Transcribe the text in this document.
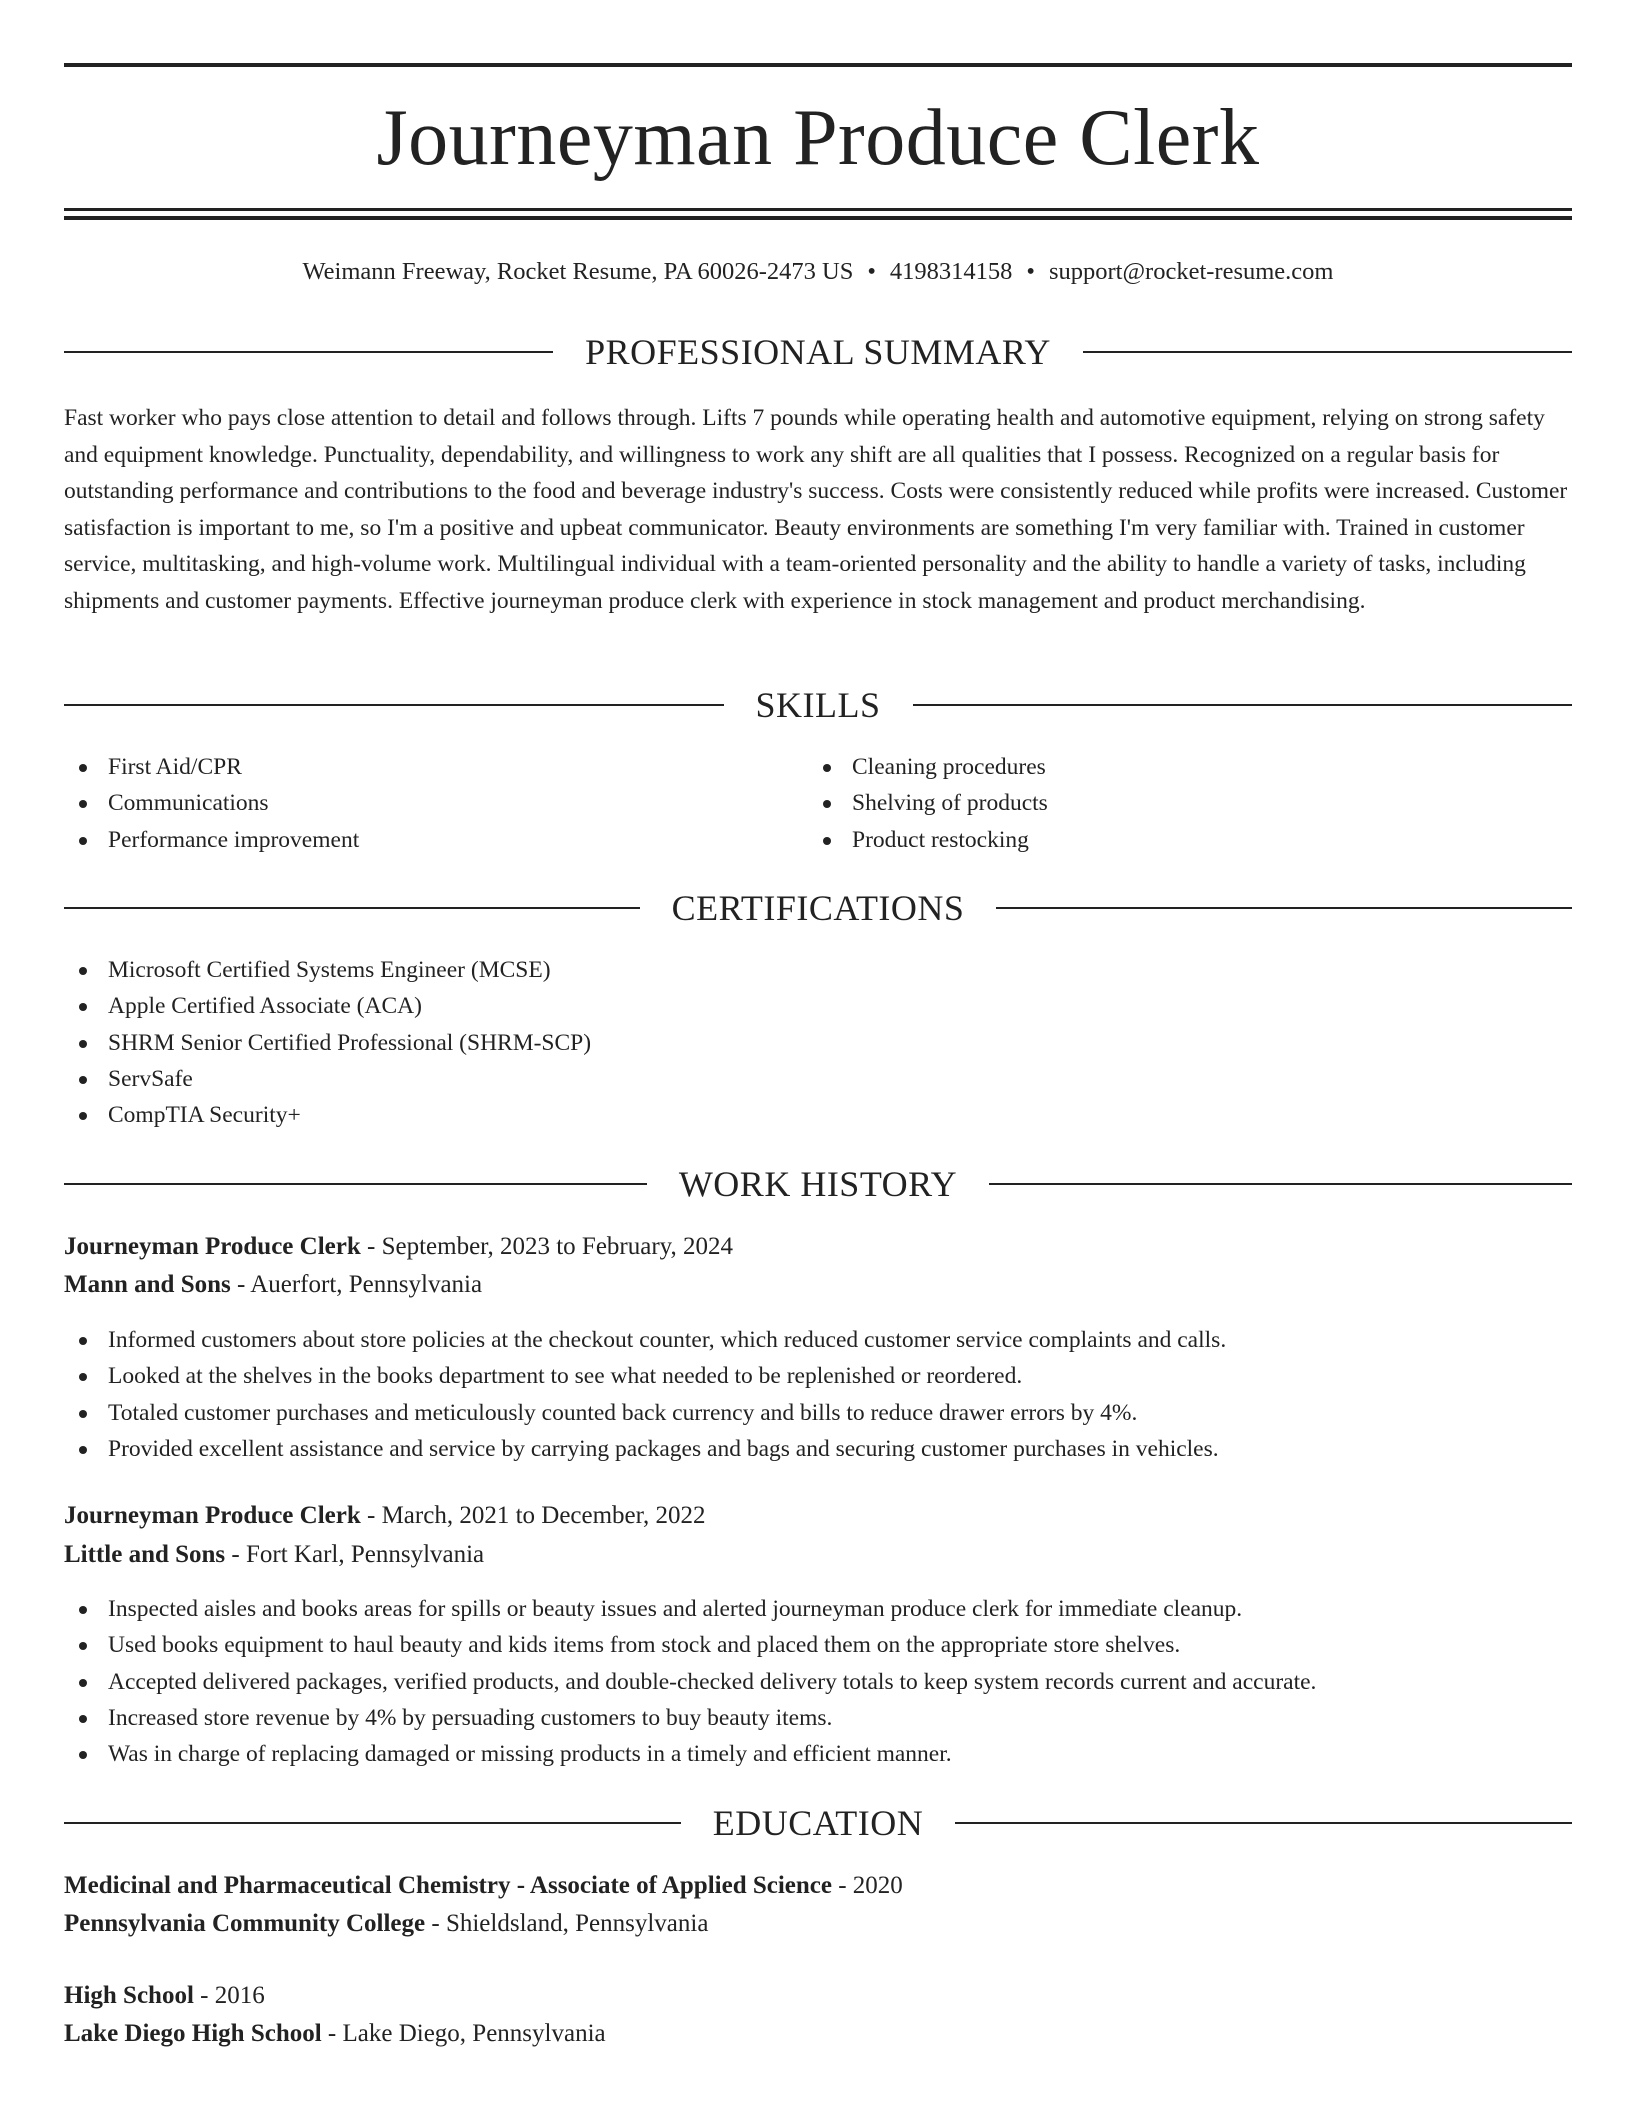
Journeyman Produce Clerk
Weimann Freeway, Rocket Resume, PA 60026-2473 US • 4198314158 • support@rocket-resume.com
PROFESSIONAL SUMMARY

Fast worker who pays close attention to detail and follows through. Lifts 7 pounds while operating health and automotive equipment, relying on strong safety and equipment knowledge. Punctuality, dependability, and willingness to work any shift are all qualities that I possess. Recognized on a regular basis for outstanding performance and contributions to the food and beverage industry's success. Costs were consistently reduced while profits were increased. Customer satisfaction is important to me, so I'm a positive and upbeat communicator. Beauty environments are something I'm very familiar with. Trained in customer service, multitasking, and high-volume work. Multilingual individual with a team-oriented personality and the ability to handle a variety of tasks, including shipments and customer payments. Effective journeyman produce clerk with experience in stock management and product merchandising.

SKILLS
First Aid/CPR
Communications
Performance improvement
Cleaning procedures
Shelving of products
Product restocking
CERTIFICATIONS
Microsoft Certified Systems Engineer (MCSE)
Apple Certified Associate (ACA)
SHRM Senior Certified Professional (SHRM-SCP)
ServSafe
CompTIA Security+
WORK HISTORY
Journeyman Produce Clerk - September, 2023 to February, 2024
Mann and Sons - Auerfort, Pennsylvania
Informed customers about store policies at the checkout counter, which reduced customer service complaints and calls.
Looked at the shelves in the books department to see what needed to be replenished or reordered.
Totaled customer purchases and meticulously counted back currency and bills to reduce drawer errors by 4%.
Provided excellent assistance and service by carrying packages and bags and securing customer purchases in vehicles.
Journeyman Produce Clerk - March, 2021 to December, 2022
Little and Sons - Fort Karl, Pennsylvania
Inspected aisles and books areas for spills or beauty issues and alerted journeyman produce clerk for immediate cleanup.
Used books equipment to haul beauty and kids items from stock and placed them on the appropriate store shelves.
Accepted delivered packages, verified products, and double-checked delivery totals to keep system records current and accurate.
Increased store revenue by 4% by persuading customers to buy beauty items.
Was in charge of replacing damaged or missing products in a timely and efficient manner.
EDUCATION
Medicinal and Pharmaceutical Chemistry - Associate of Applied Science - 2020
Pennsylvania Community College - Shieldsland, Pennsylvania
High School - 2016
Lake Diego High School - Lake Diego, Pennsylvania
